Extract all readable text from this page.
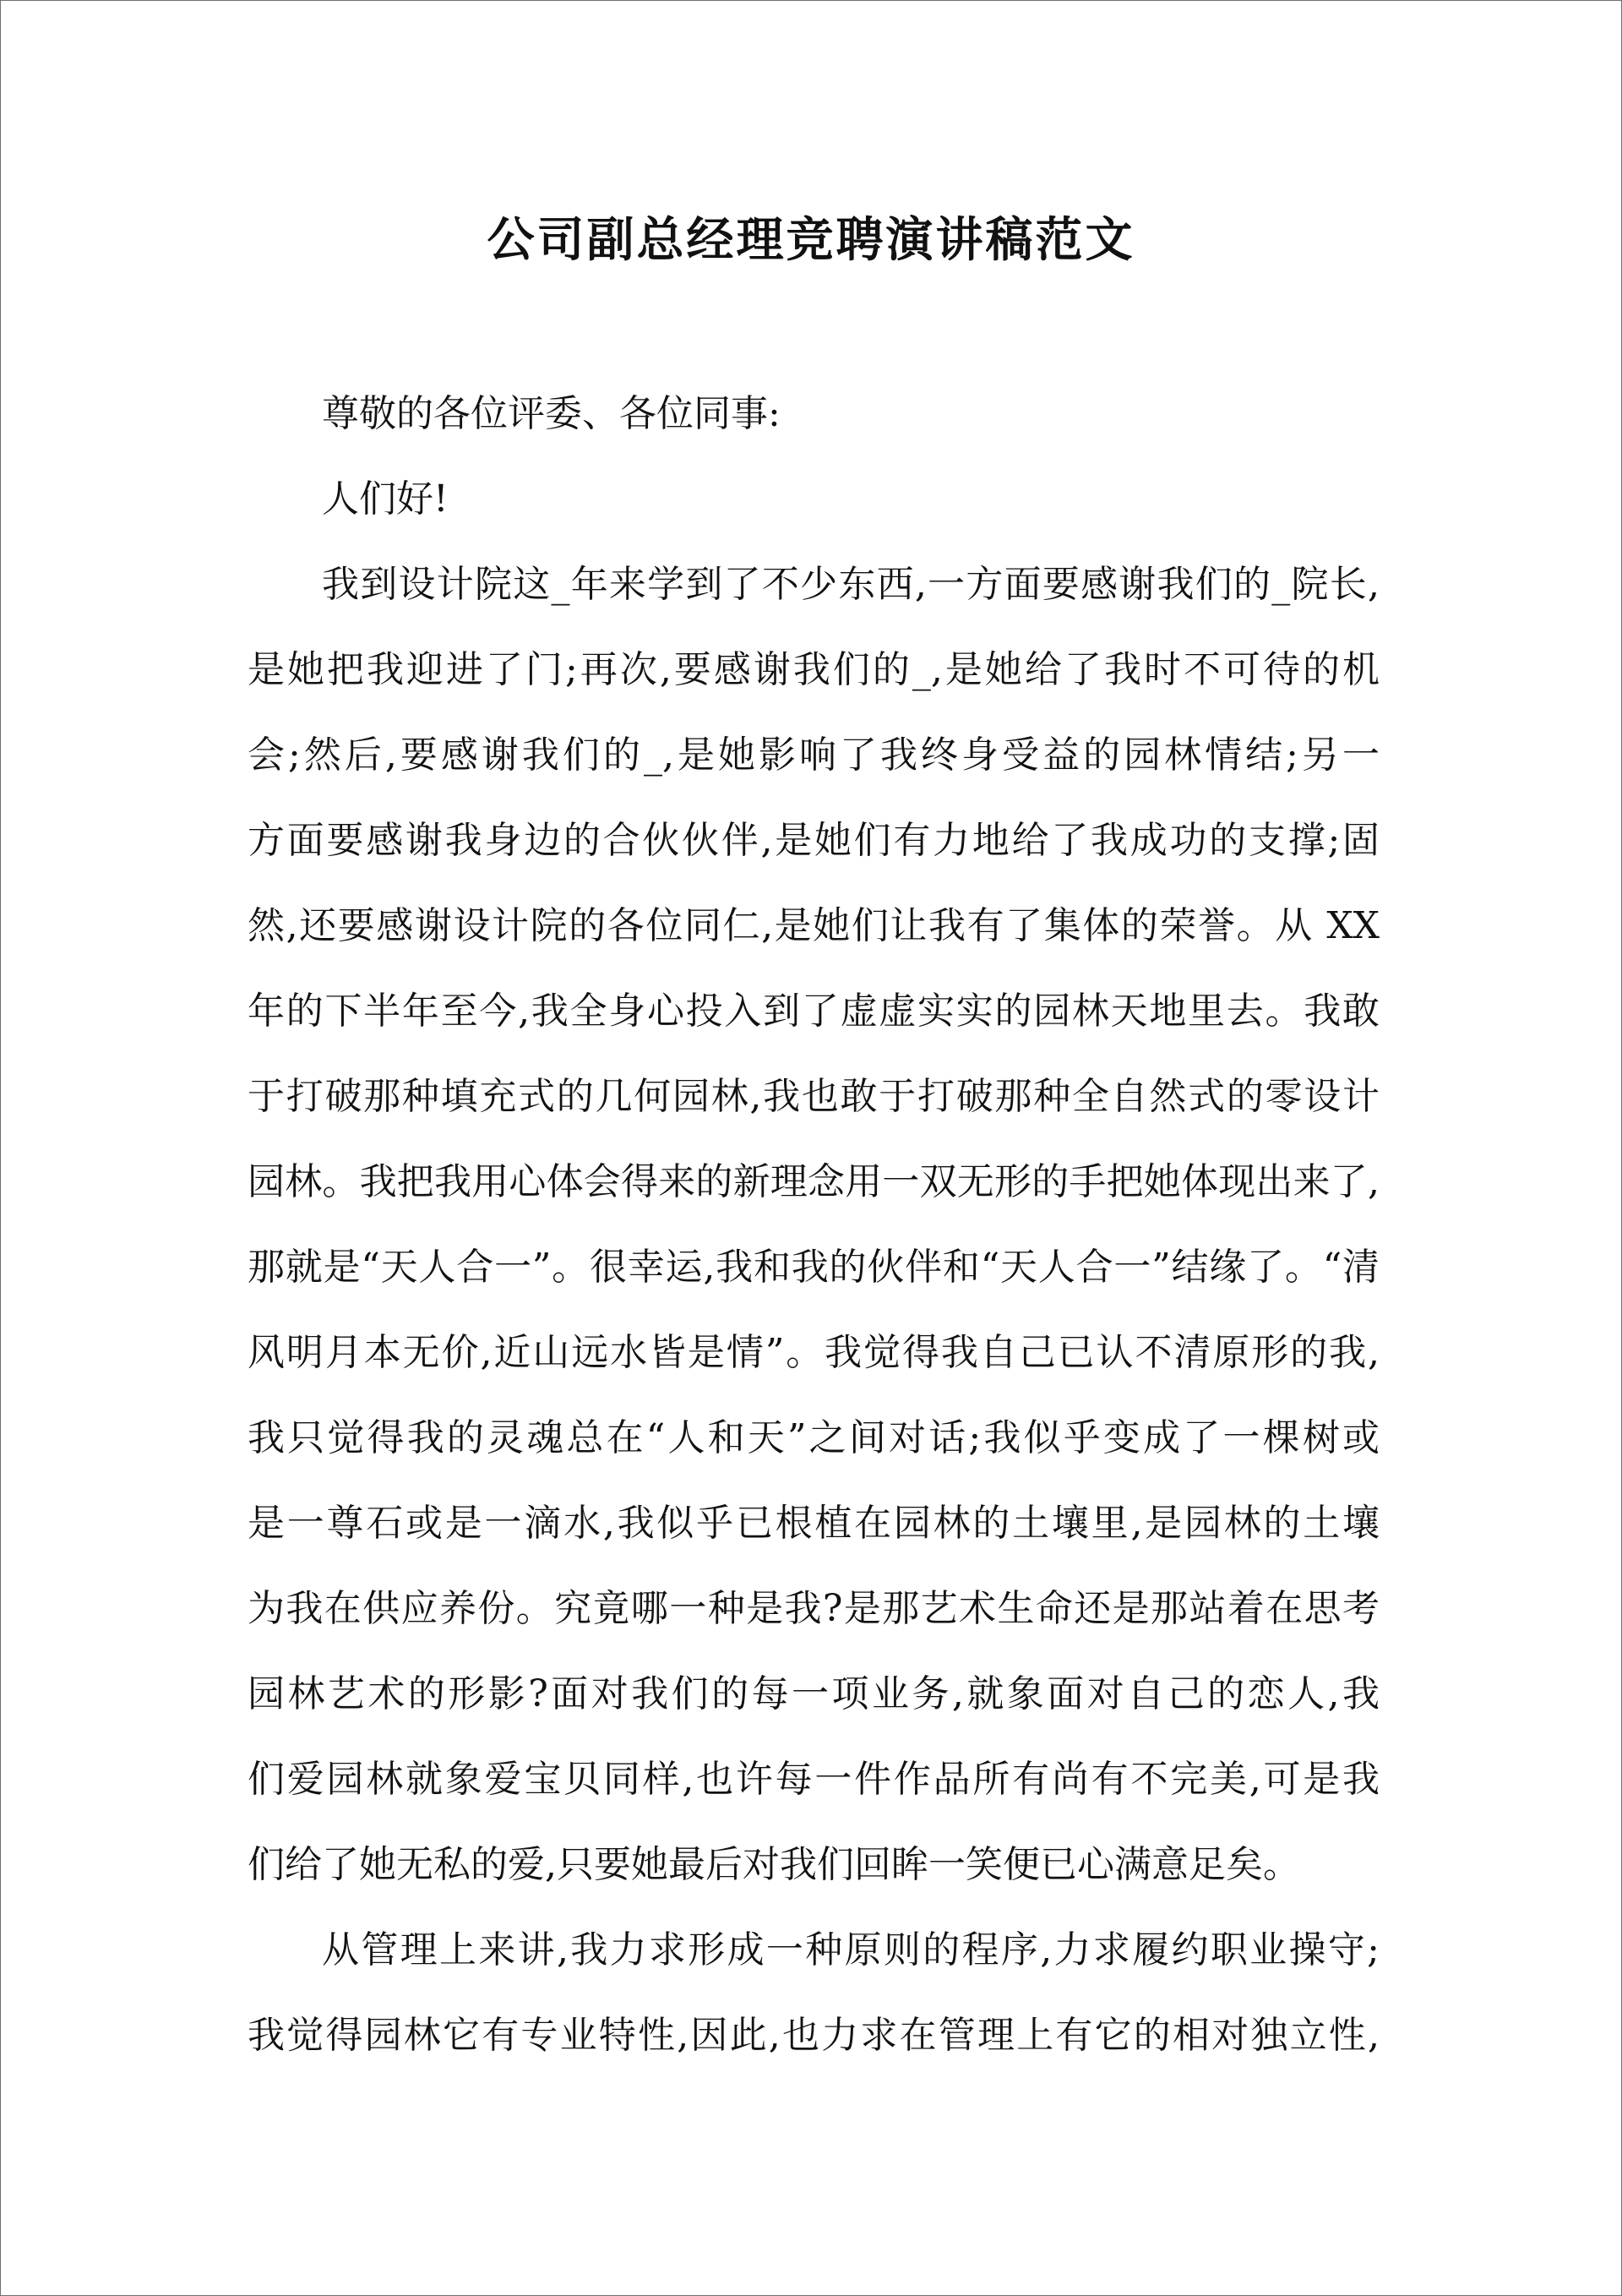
公司副总经理竞聘演讲稿范文
尊敬的各位评委、各位同事:
人们好!
我到设计院这_年来学到了不少东西,一方面要感谢我们的_院长,
是她把我迎进了门;再次,要感谢我们的_,是她给了我时不可待的机
会;然后,要感谢我们的_,是她影响了我终身受益的园林情结;另一
方面要感谢我身边的合伙伙伴,是她们有力地给了我成功的支撑;固
然,还要感谢设计院的各位同仁,是她们让我有了集体的荣誉。从 XX
年的下半年至今,我全身心投入到了虚虚实实的园林天地里去。我敢
于打破那种填充式的几何园林,我也敢于打破那种全自然式的零设计
园林。我把我用心体会得来的新理念用一双无形的手把她体现出来了,
那就是“天人合一”。很幸运,我和我的伙伴和“天人合一”结缘了。“清
风明月本无价,近山远水皆是情”。我觉得我自己已认不清原形的我,
我只觉得我的灵魂总在“人和天”之间对话;我似乎变成了一棵树或
是一尊石或是一滴水,我似乎已根植在园林的土壤里,是园林的土壤
为我在供应养份。究竟哪一种是我?是那艺术生命还是那站着在思考
园林艺术的形影?面对我们的每一项业务,就象面对自己的恋人,我
们爱园林就象爱宝贝同样,也许每一件作品所有尚有不完美,可是我
们给了她无私的爱,只要她最后对我们回眸一笑便已心满意足矣。
从管理上来讲,我力求形成一种原则的程序,力求履约职业操守;
我觉得园林它有专业特性,因此,也力求在管理上有它的相对独立性,
